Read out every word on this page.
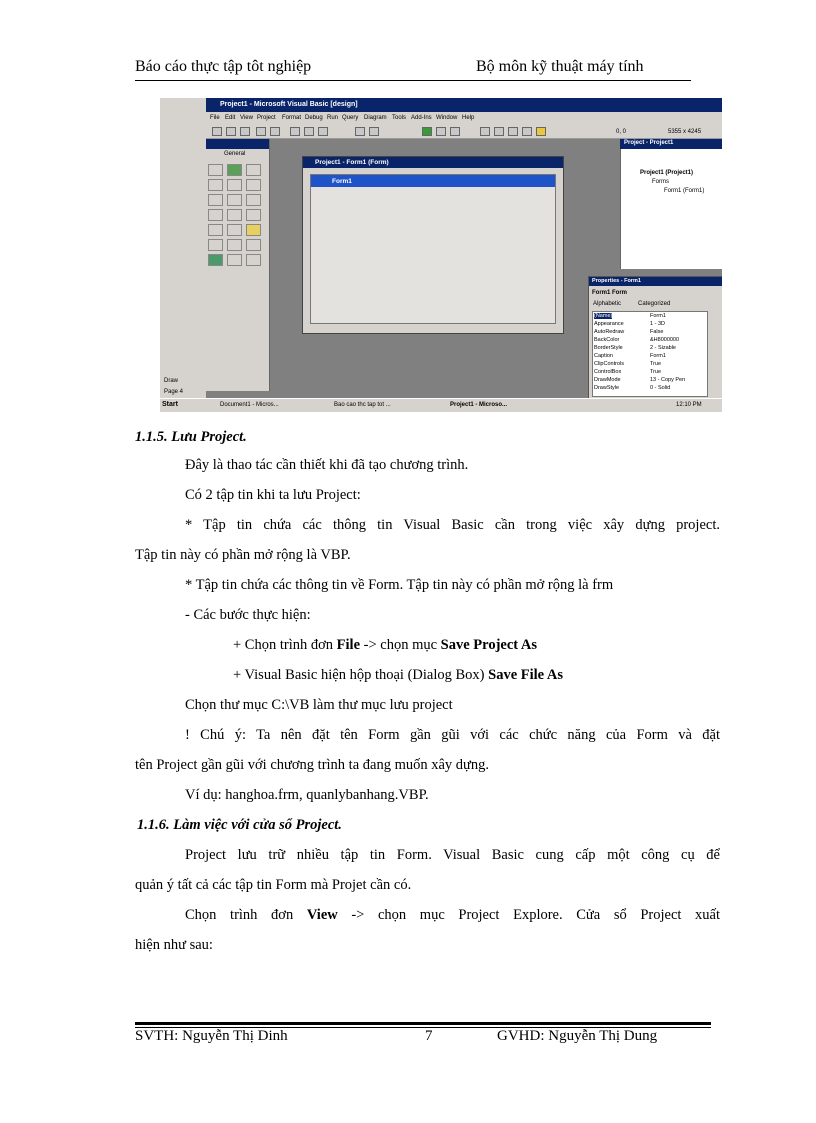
Báo cáo thực tập tôt nghiệp	Bộ môn kỹ thuật máy tính
Draw
Page 4
Project1 - Microsoft Visual Basic [design]
File Edit View Project Format Debug Run Query Diagram Tools Add-Ins Window Help
0, 0	5355 x 4245
General
Project1 - Form1 (Form)
Form1
Project - Project1
Project1 (Project1)
Forms
Form1 (Form1)
Properties - Form1
Form1 Form
Alphabetic	Categorized
(Name)	Form1
Appearance	1 - 3D
AutoRedraw	False
BackColor	&H8000000
BorderStyle	2 - Sizable
Caption	Form1
ClipControls	True
ControlBox	True
DrawMode	13 - Copy Pen
DrawStyle	0 - Solid
Start	Document1 - Micros...	Bao cao thc tap tot ...	Project1 - Microso...	12:10 PM
1.1.5. Lưu Project.
Đây là thao tác cần thiết khi đã tạo chương trình.
Có 2 tập tin khi ta lưu Project:
* Tập tin chứa các thông tin Visual Basic cần trong việc xây dựng project.
Tập tin này có phần mở rộng là VBP.
* Tập tin chứa các thông tin về Form. Tập tin này có phần mở rộng là frm
- Các bước thực hiện:
+ Chọn trình đơn File -> chọn mục Save Project As
+ Visual Basic hiện hộp thoại (Dialog Box) Save File As
Chọn thư mục C:\VB làm thư mục lưu project
! Chú ý: Ta nên đặt tên Form gần gũi với các chức năng của Form và đặt
tên Project gần gũi với chương trình ta đang muốn xây dựng.
Ví dụ: hanghoa.frm, quanlybanhang.VBP.
1.1.6. Làm việc với cửa sổ Project.
Project lưu trữ nhiều tập tin Form. Visual Basic cung cấp một công cụ để
quản ý tất cả các tập tin Form mà Projet cần có.
Chọn trình đơn View -> chọn mục Project Explore. Cửa sổ Project xuất
hiện như sau:
SVTH: Nguyễn Thị Dinh	7	GVHD: Nguyễn Thị Dung
